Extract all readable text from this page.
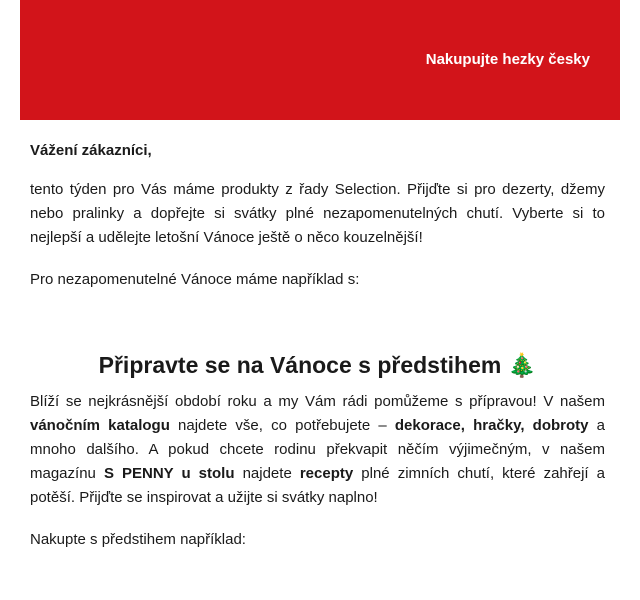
Nakupujte hezky česky

Vážení zákazníci,

tento týden pro Vás máme produkty z řady Selection. Přijďte si pro dezerty, džemy nebo pralinky a dopřejte si svátky plné nezapomenutelných chutí. Vyberte si to nejlepší a udělejte letošní Vánoce ještě o něco kouzelnější!

Pro nezapomenutelné Vánoce máme například s:

Připravte se na Vánoce s předstihem 🎄

Blíží se nejkrásnější období roku a my Vám rádi pomůžeme s přípravou! V našem vánočním katalogu najdete vše, co potřebujete – dekorace, hračky, dobroty a mnoho dalšího. A pokud chcete rodinu překvapit něčím výjimečným, v našem magazínu S PENNY u stolu najdete recepty plné zimních chutí, které zahřejí a potěší. Přijďte se inspirovat a užijte si svátky naplno!

Nakupte s předstihem například:
